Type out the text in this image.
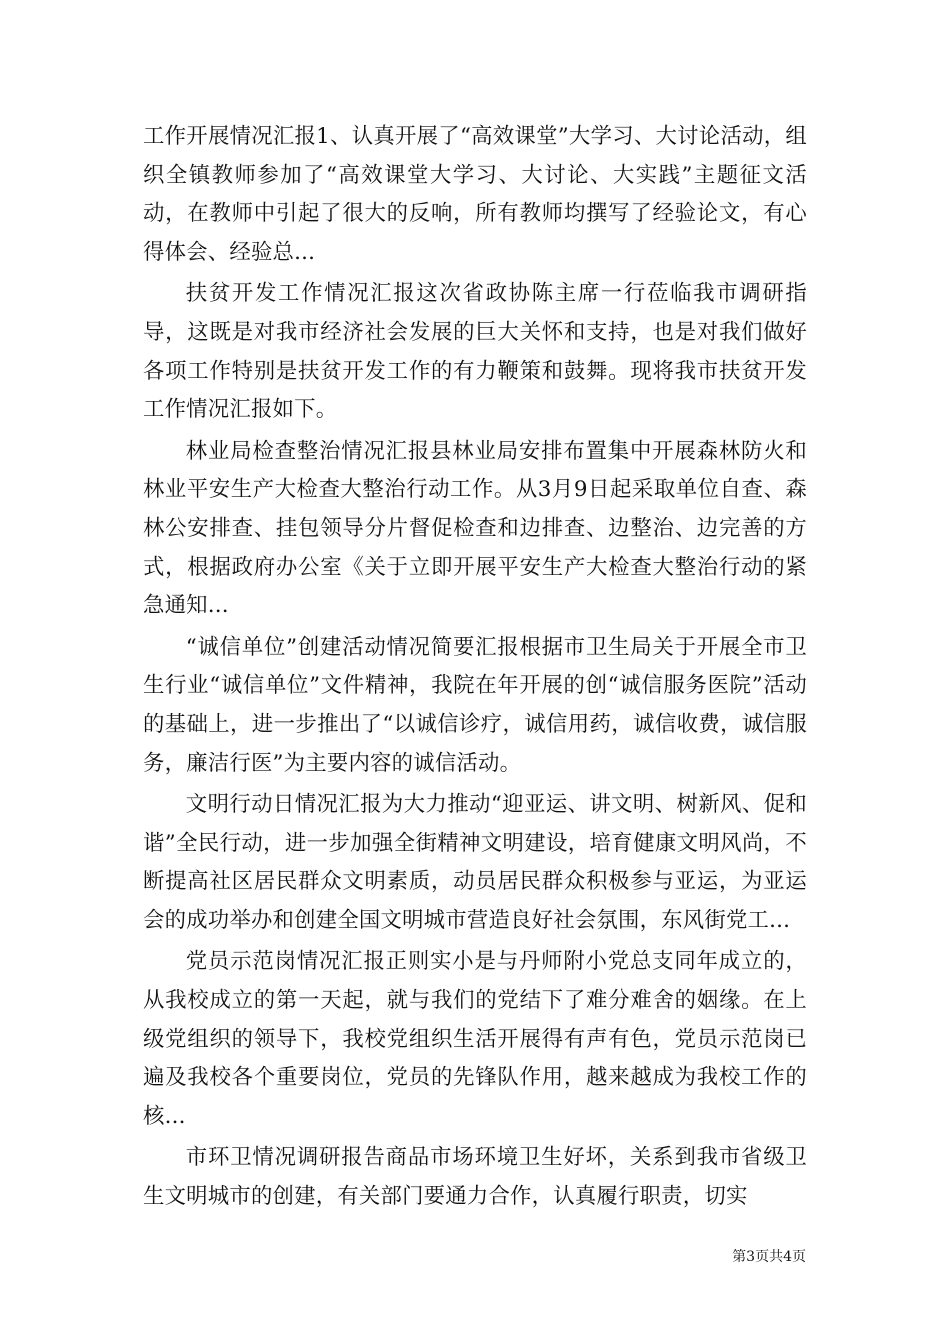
工作开展情况汇报1、认真开展了“高效课堂”大学习、大讨论活动，组织全镇教师参加了“高效课堂大学习、大讨论、大实践”主题征文活动，在教师中引起了很大的反响，所有教师均撰写了经验论文，有心得体会、经验总...

扶贫开发工作情况汇报这次省政协陈主席一行莅临我市调研指导，这既是对我市经济社会发展的巨大关怀和支持，也是对我们做好各项工作特别是扶贫开发工作的有力鞭策和鼓舞。现将我市扶贫开发工作情况汇报如下。

林业局检查整治情况汇报县林业局安排布置集中开展森林防火和林业平安生产大检查大整治行动工作。从3月9日起采取单位自查、森林公安排查、挂包领导分片督促检查和边排查、边整治、边完善的方式，根据政府办公室《关于立即开展平安生产大检查大整治行动的紧急通知...

“诚信单位”创建活动情况简要汇报根据市卫生局关于开展全市卫生行业“诚信单位”文件精神，我院在年开展的创“诚信服务医院”活动的基础上，进一步推出了“以诚信诊疗，诚信用药，诚信收费，诚信服务，廉洁行医”为主要内容的诚信活动。

文明行动日情况汇报为大力推动“迎亚运、讲文明、树新风、促和谐”全民行动，进一步加强全街精神文明建设，培育健康文明风尚，不断提高社区居民群众文明素质，动员居民群众积极参与亚运，为亚运会的成功举办和创建全国文明城市营造良好社会氛围，东风街党工...

党员示范岗情况汇报正则实小是与丹师附小党总支同年成立的，从我校成立的第一天起，就与我们的党结下了难分难舍的姻缘。在上级党组织的领导下，我校党组织生活开展得有声有色，党员示范岗已遍及我校各个重要岗位，党员的先锋队作用，越来越成为我校工作的核...

市环卫情况调研报告商品市场环境卫生好坏，关系到我市省级卫生文明城市的创建，有关部门要通力合作，认真履行职责，切实

第3页共4页
